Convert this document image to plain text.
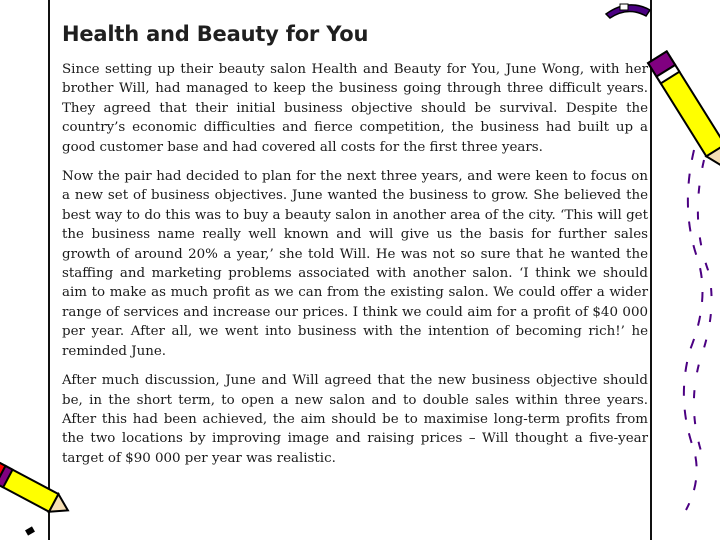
Health and Beauty for You

Since setting up their beauty salon Health and Beauty for You, June Wong, with her brother Will, had managed to keep the business going through three difficult years. They agreed that their initial business objective should be survival. Despite the country’s economic difficulties and fierce competition, the business had built up a good customer base and had covered all costs for the first three years.

Now the pair had decided to plan for the next three years, and were keen to focus on a new set of business objectives. June wanted the business to grow. She believed the best way to do this was to buy a beauty salon in another area of the city. ‘This will get the business name really well known and will give us the basis for further sales growth of around 20% a year,’ she told Will. He was not so sure that he wanted the staffing and marketing problems associated with another salon. ‘I think we should aim to make as much profit as we can from the existing salon. We could offer a wider range of services and increase our prices. I think we could aim for a profit of $40 000 per year. After all, we went into business with the intention of becoming rich!’ he reminded June.

After much discussion, June and Will agreed that the new business objective should be, in the short term, to open a new salon and to double sales within three years. After this had been achieved, the aim should be to maximise long-term profits from the two locations by improving image and raising prices – Will thought a five-year target of $90 000 per year was realistic.
